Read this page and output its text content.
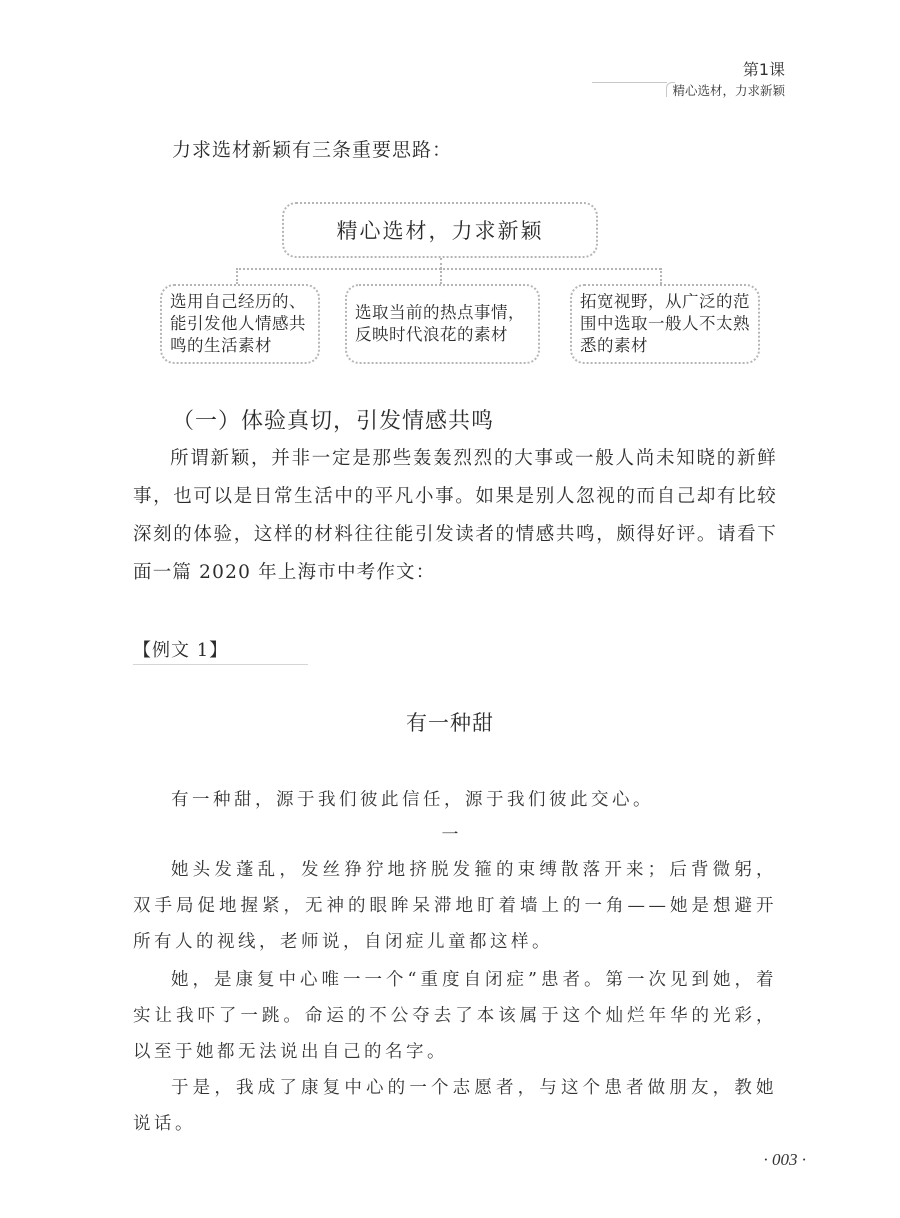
第1课
精心选材，力求新颖
力求选材新颖有三条重要思路：
精心选材，力求新颖
选用自己经历的、能引发他人情感共鸣的生活素材
选取当前的热点事情，反映时代浪花的素材
拓宽视野，从广泛的范围中选取一般人不太熟悉的素材
（一）体验真切，引发情感共鸣
所谓新颖，并非一定是那些轰轰烈烈的大事或一般人尚未知晓的新鲜事，也可以是日常生活中的平凡小事。如果是别人忽视的而自己却有比较深刻的体验，这样的材料往往能引发读者的情感共鸣，颇得好评。请看下面一篇 2020 年上海市中考作文：
【例文 1】
有一种甜
有一种甜，源于我们彼此信任，源于我们彼此交心。
一
她头发蓬乱，发丝狰狞地挤脱发箍的束缚散落开来；后背微躬，双手局促地握紧，无神的眼眸呆滞地盯着墙上的一角——她是想避开所有人的视线，老师说，自闭症儿童都这样。
她，是康复中心唯一一个“重度自闭症”患者。第一次见到她，着实让我吓了一跳。命运的不公夺去了本该属于这个灿烂年华的光彩，以至于她都无法说出自己的名字。
于是，我成了康复中心的一个志愿者，与这个患者做朋友，教她说话。
· 003 ·
